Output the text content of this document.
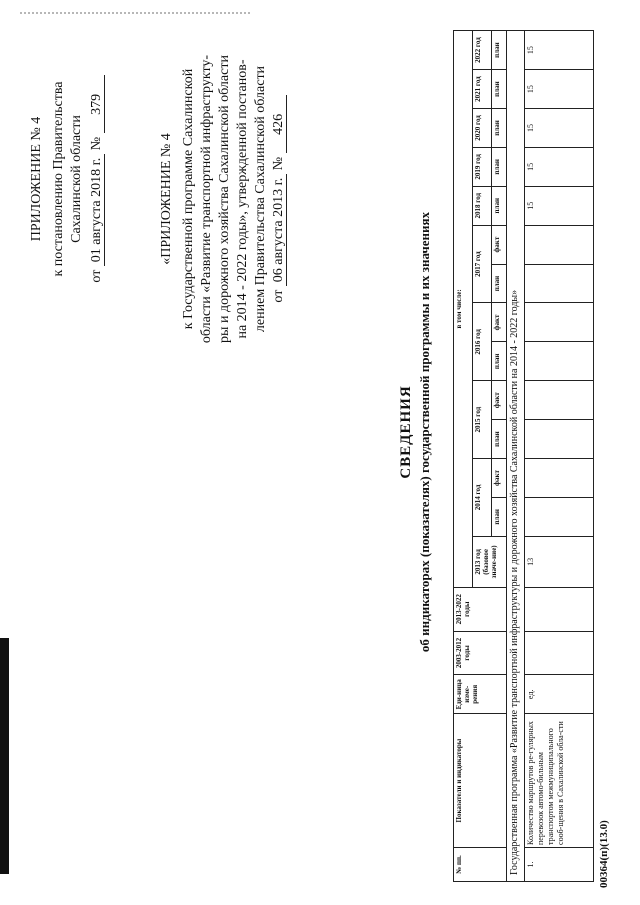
ПРИЛОЖЕНИЕ № 4 к постановлению Правительства Сахалинской области
от 01 августа 2018 г. № 379
«ПРИЛОЖЕНИЕ № 4 к Государственной программе Сахалинской области «Развитие транспортной инфраструкту- ры и дорожного хозяйства Сахалинской области на 2014 - 2022 годы», утвержденной постанов- лением Правительства Сахалинской области от 06 августа 2013 г. № 426
СВЕДЕНИЯ об индикаторах (показателях) государственной программы и их значениях
№ пп.	Показатели и индикаторы	Еди-ница изме-рения	2003-2012 годы	2013-2022 годы	в том числе:													
					2013 год (базовое значе-ние)	2014 год		2015 год		2016 год		2017 год		2018 год	2019 год	2020 год	2021 год	2022 год
						план	факт	план	факт	план	факт	план	факт	план	план	план	план	план
Государственная программа «Развитие транспортной инфраструктуры и дорожного хозяйства Сахалинской области на 2014 - 2022 годы»																		
1.	Количество маршрутов ре-гулярных перевозок автомо-бильным транспортом межмуниципального сооб-щения в Сахалинской обла-сти	ед.			13									15	15	15	15	15
00364(п)(13.0)
